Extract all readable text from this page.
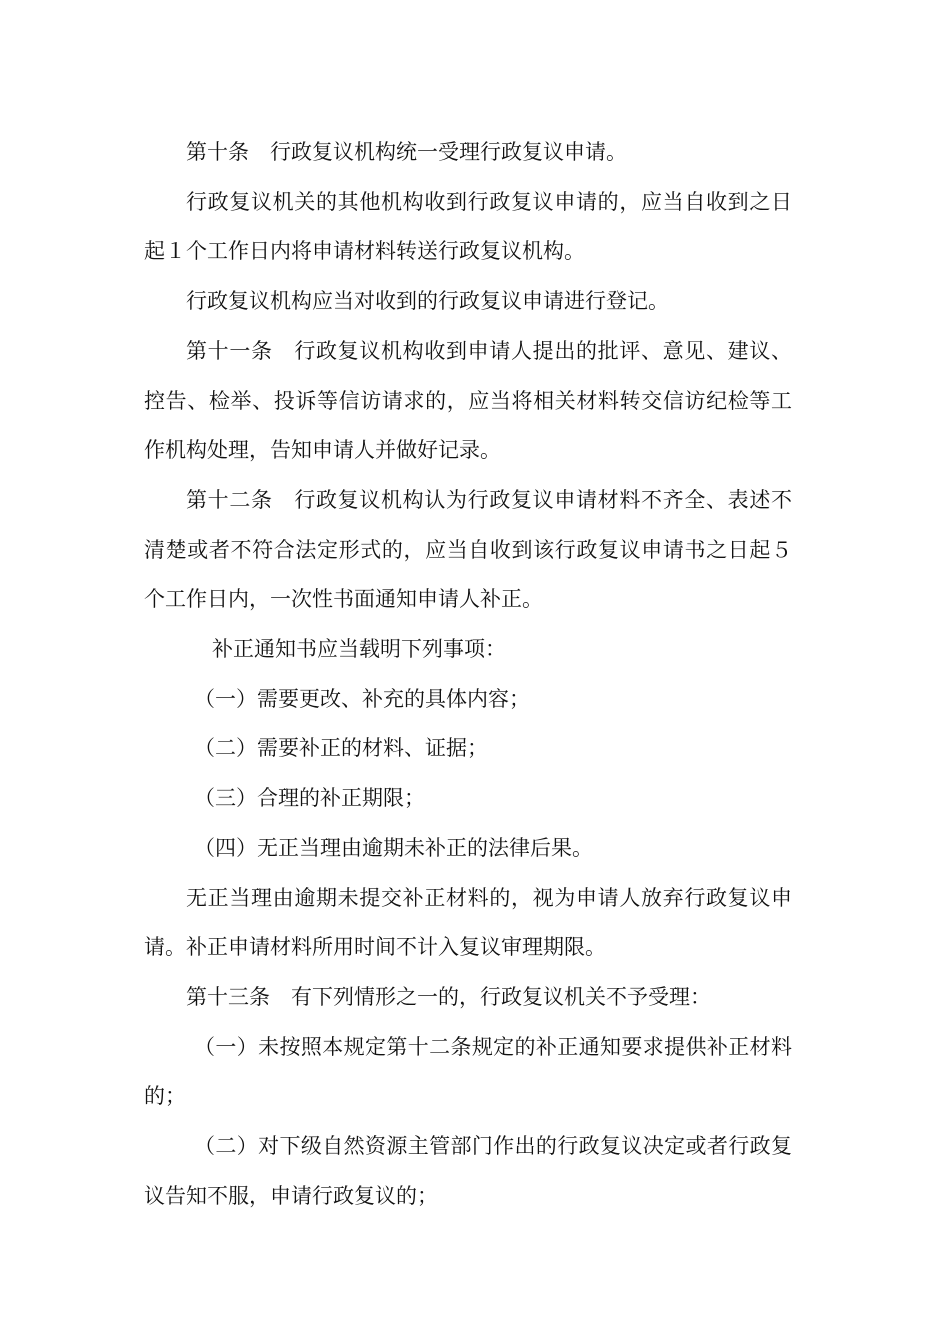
第十条　行政复议机构统一受理行政复议申请。

行政复议机关的其他机构收到行政复议申请的，应当自收到之日起１个工作日内将申请材料转送行政复议机构。

行政复议机构应当对收到的行政复议申请进行登记。

第十一条　行政复议机构收到申请人提出的批评、意见、建议、控告、检举、投诉等信访请求的，应当将相关材料转交信访纪检等工作机构处理，告知申请人并做好记录。

第十二条　行政复议机构认为行政复议申请材料不齐全、表述不清楚或者不符合法定形式的，应当自收到该行政复议申请书之日起５个工作日内，一次性书面通知申请人补正。

补正通知书应当载明下列事项：

（一）需要更改、补充的具体内容；

（二）需要补正的材料、证据；

（三）合理的补正期限；

（四）无正当理由逾期未补正的法律后果。

无正当理由逾期未提交补正材料的，视为申请人放弃行政复议申请。补正申请材料所用时间不计入复议审理期限。

第十三条　有下列情形之一的，行政复议机关不予受理：

（一）未按照本规定第十二条规定的补正通知要求提供补正材料的；

（二）对下级自然资源主管部门作出的行政复议决定或者行政复议告知不服，申请行政复议的；
